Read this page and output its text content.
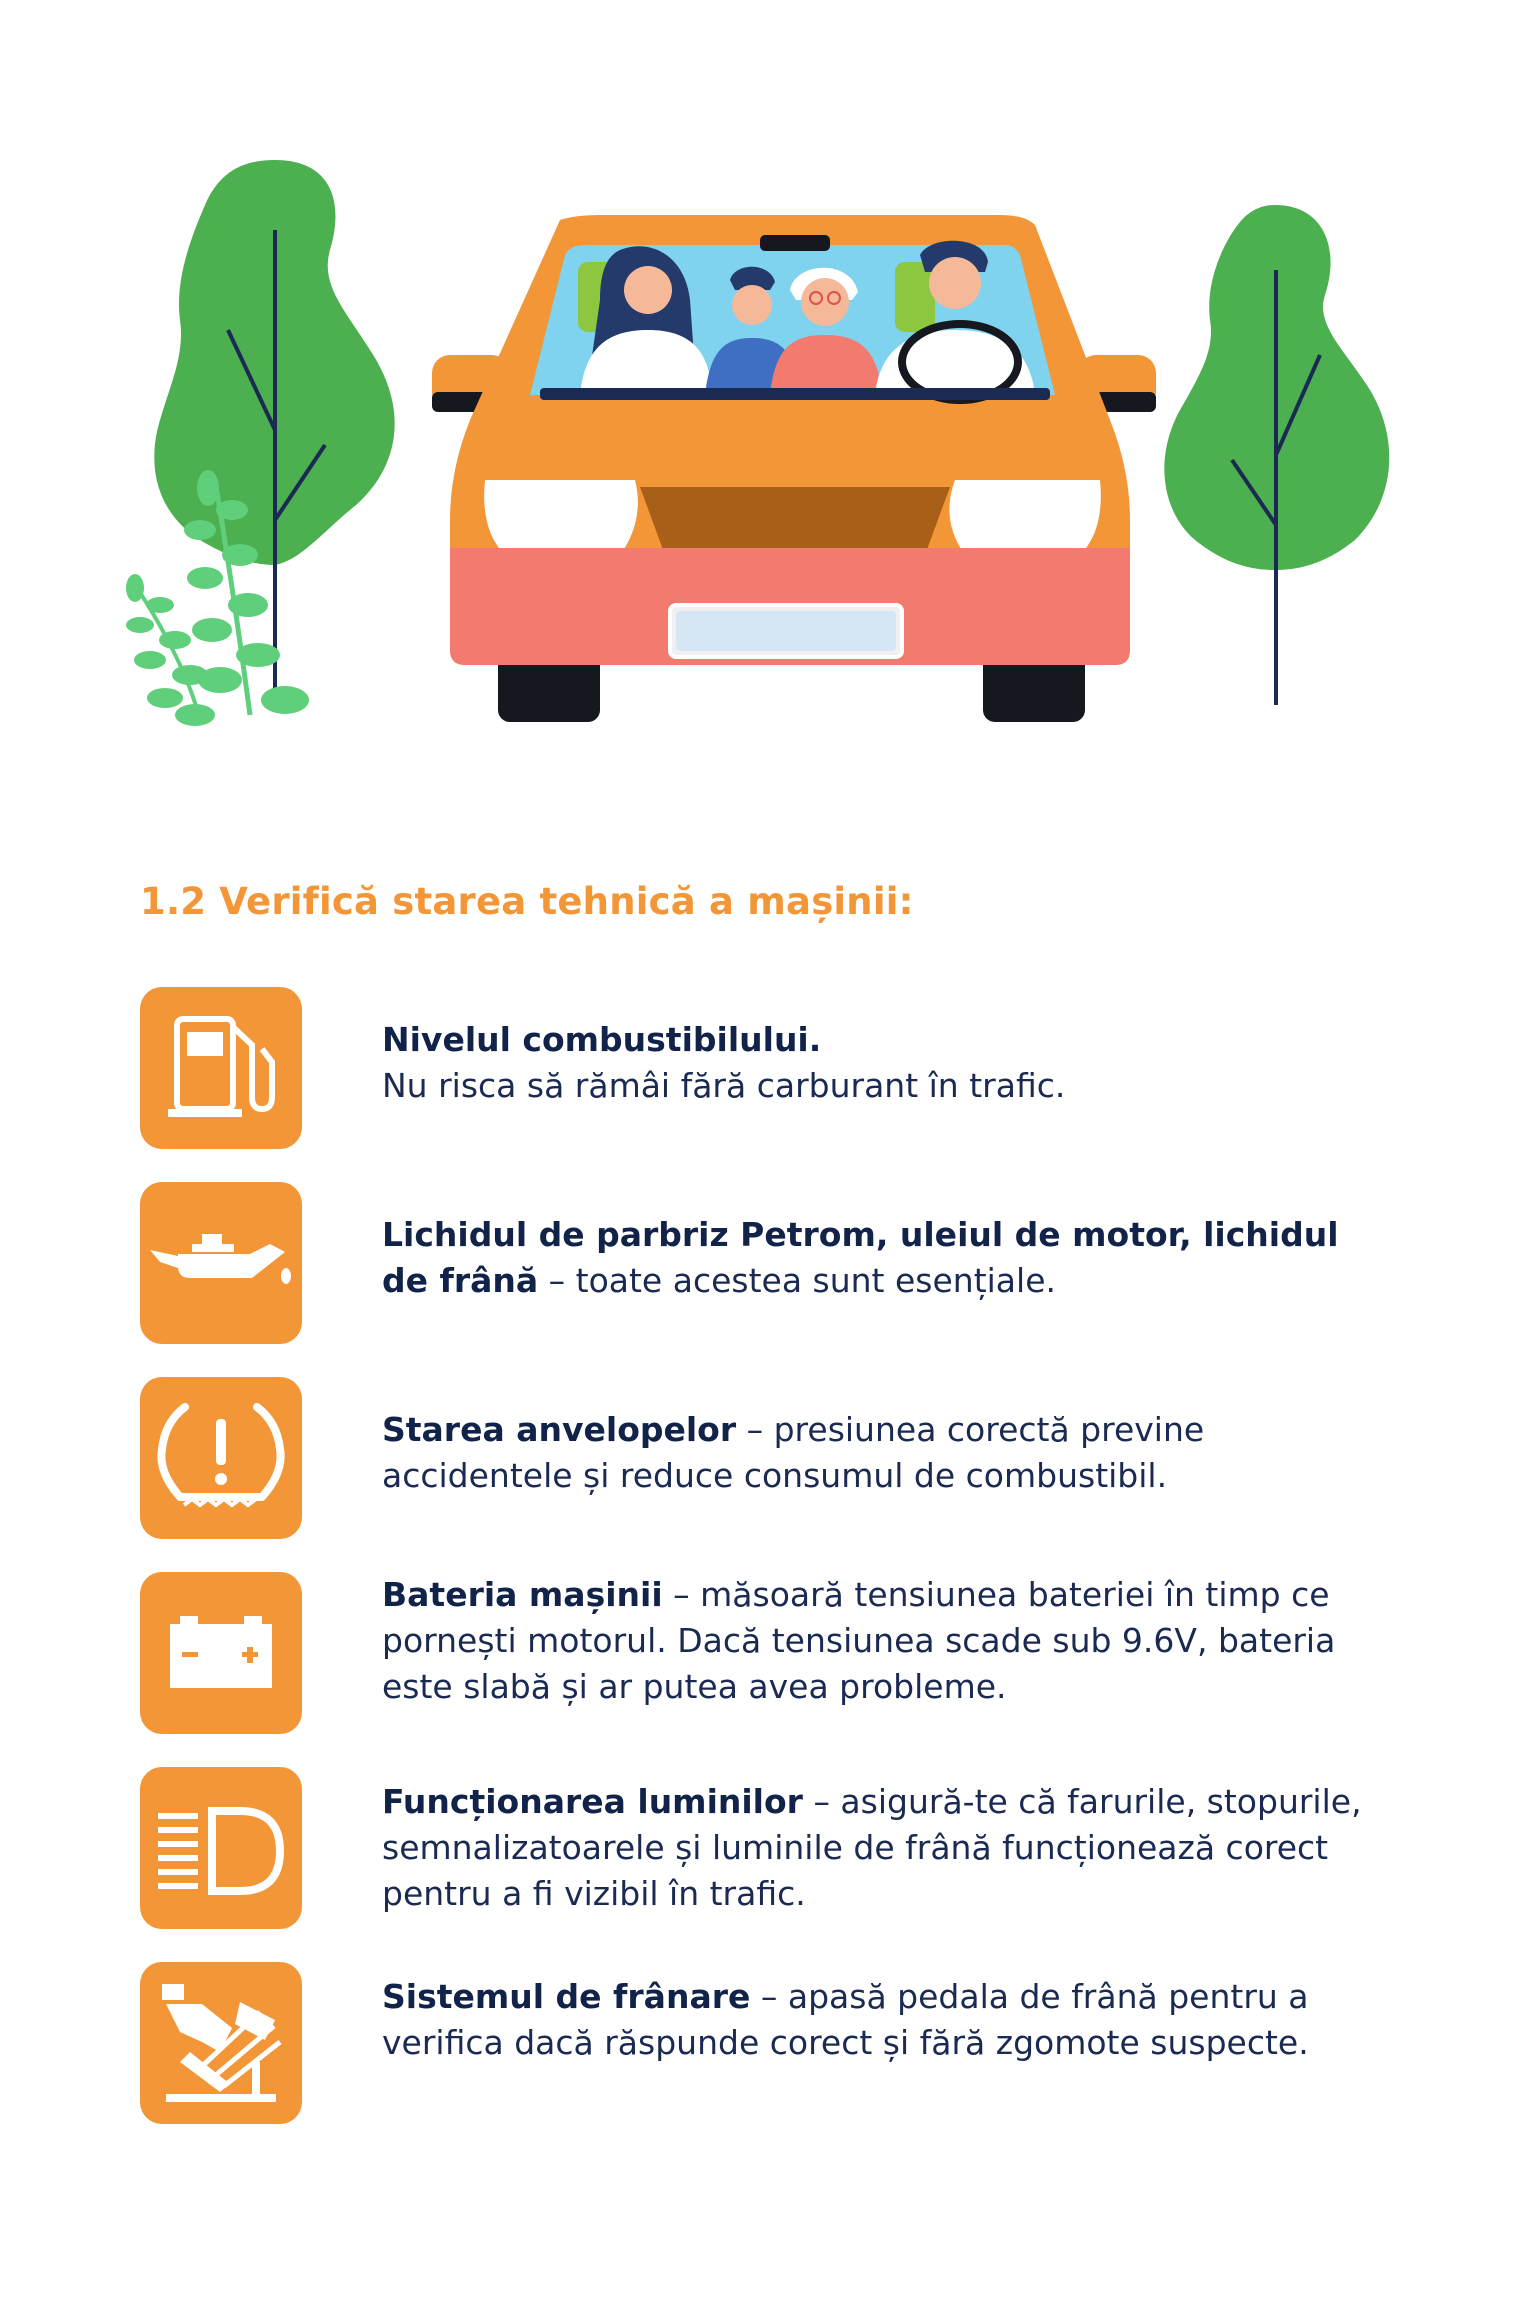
1.2 Verifică starea tehnică a mașinii:

Nivelul combustibilului.
Nu risca să rămâi fără carburant în trafic.

Lichidul de parbriz Petrom, uleiul de motor, lichidul de frână – toate acestea sunt esențiale.

Starea anvelopelor – presiunea corectă previne accidentele și reduce consumul de combustibil.

Bateria mașinii – măsoară tensiunea bateriei în timp ce pornești motorul. Dacă tensiunea scade sub 9.6V, bateria este slabă și ar putea avea probleme.

Funcționarea luminilor – asigură-te că farurile, stopurile, semnalizatoarele și luminile de frână funcționează corect pentru a fi vizibil în trafic.

Sistemul de frânare – apasă pedala de frână pentru a verifica dacă răspunde corect și fără zgomote suspecte.
